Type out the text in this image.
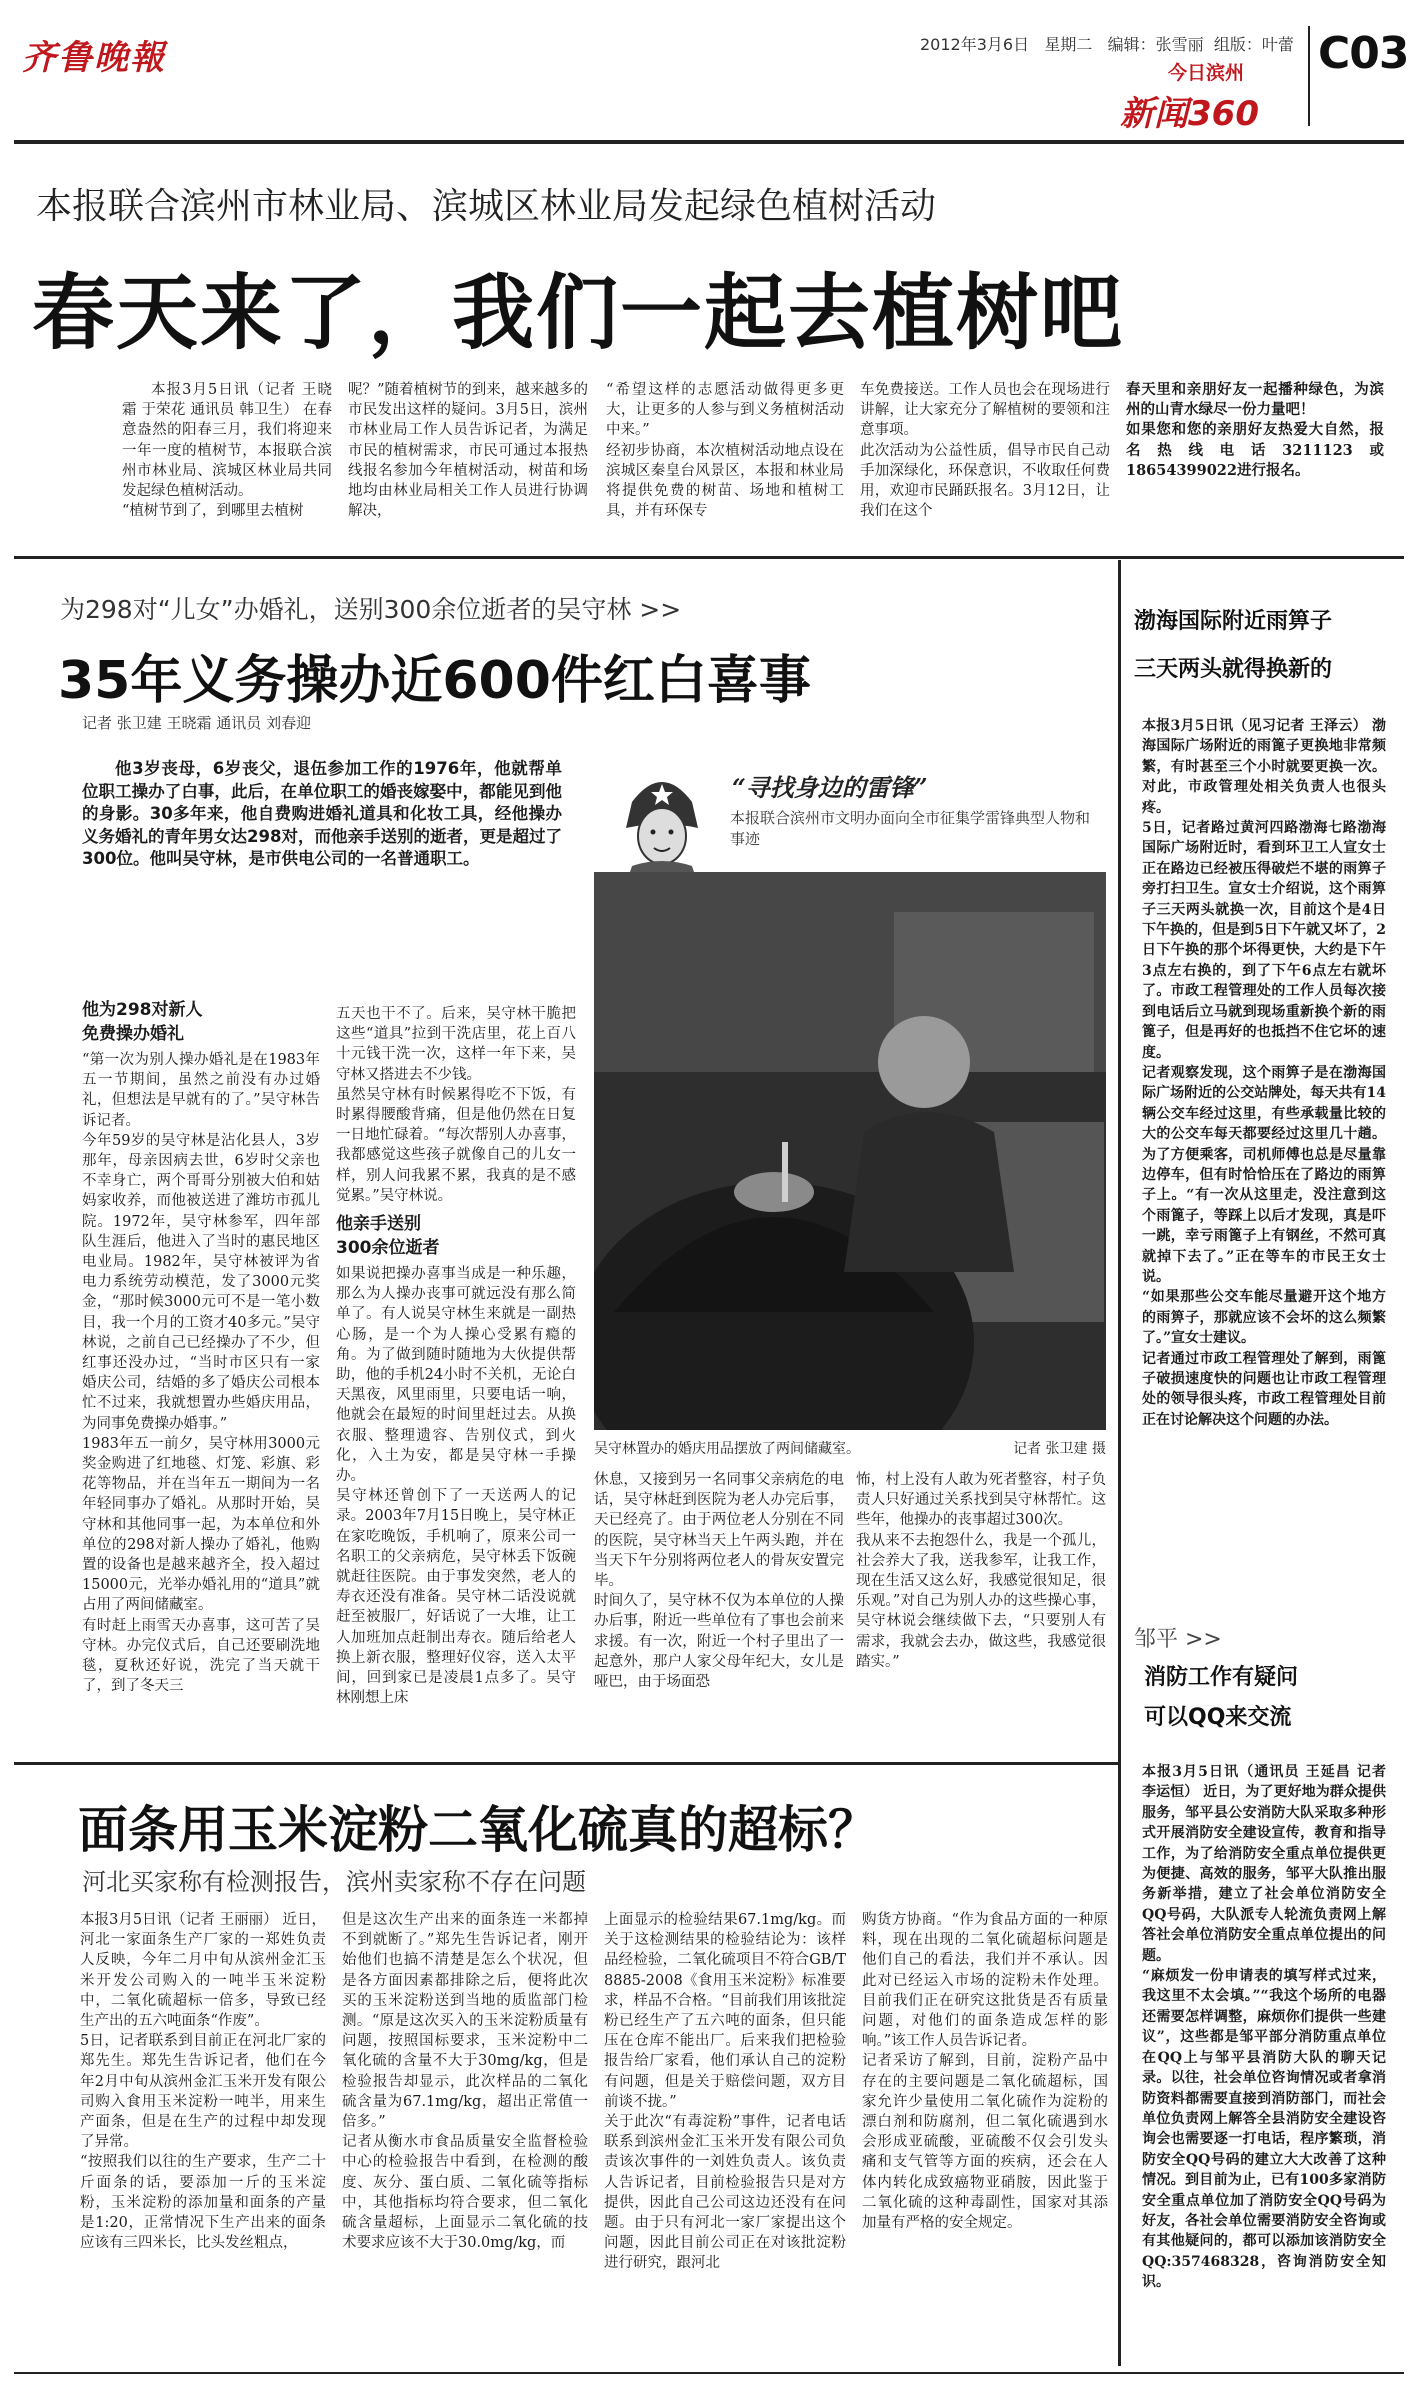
齐鲁晚報	2012年3月6日 星期二 编辑：张雪丽 组版：叶蕾
今日滨州
新闻360
C03
本报联合滨州市林业局、滨城区林业局发起绿色植树活动
春天来了，我们一起去植树吧
本报3月5日讯（记者 王晓霜 于荣花 通讯员 韩卫生） 在春意盎然的阳春三月，我们将迎来一年一度的植树节，本报联合滨州市林业局、滨城区林业局共同发起绿色植树活动。
“植树节到了，到哪里去植树
呢？”随着植树节的到来，越来越多的市民发出这样的疑问。3月5日，滨州市林业局工作人员告诉记者，为满足市民的植树需求，市民可通过本报热线报名参加今年植树活动，树苗和场地均由林业局相关工作人员进行协调解决，
“希望这样的志愿活动做得更多更大，让更多的人参与到义务植树活动中来。”
经初步协商，本次植树活动地点设在滨城区秦皇台风景区，本报和林业局将提供免费的树苗、场地和植树工具，并有环保专
车免费接送。工作人员也会在现场进行讲解，让大家充分了解植树的要领和注意事项。
此次活动为公益性质，倡导市民自己动手加深绿化，环保意识，不收取任何费用，欢迎市民踊跃报名。3月12日，让我们在这个
春天里和亲朋好友一起播种绿色，为滨州的山青水绿尽一份力量吧！
如果您和您的亲朋好友热爱大自然，报名热线电话3211123或18654399022进行报名。
为298对“儿女”办婚礼，送别300余位逝者的吴守林 >>
35年义务操办近600件红白喜事
记者 张卫建 王晓霜 通讯员 刘春迎

他3岁丧母，6岁丧父，退伍参加工作的1976年，他就帮单位职工操办了白事，此后，在单位职工的婚丧嫁娶中，都能见到他的身影。30多年来，他自费购进婚礼道具和化妆工具，经他操办义务婚礼的青年男女达298对，而他亲手送别的逝者，更是超过了300位。他叫吴守林，是市供电公司的一名普通职工。

“寻找身边的雷锋”
本报联合滨州市文明办面向全市征集学雷锋典型人物和事迹
吴守林置办的婚庆用品摆放了两间储藏室。	记者 张卫建 摄
他为298对新人
免费操办婚礼
“第一次为别人操办婚礼是在1983年五一节期间，虽然之前没有办过婚礼，但想法是早就有的了。”吴守林告诉记者。
今年59岁的吴守林是沾化县人，3岁那年，母亲因病去世，6岁时父亲也不幸身亡，两个哥哥分别被大伯和姑妈家收养，而他被送进了潍坊市孤儿院。1972年，吴守林参军，四年部队生涯后，他进入了当时的惠民地区电业局。1982年，吴守林被评为省电力系统劳动模范，发了3000元奖金，“那时候3000元可不是一笔小数目，我一个月的工资才40多元。”吴守林说，之前自己已经操办了不少，但红事还没办过，“当时市区只有一家婚庆公司，结婚的多了婚庆公司根本忙不过来，我就想置办些婚庆用品，为同事免费操办婚事。”
1983年五一前夕，吴守林用3000元奖金购进了红地毯、灯笼、彩旗、彩花等物品，并在当年五一期间为一名年轻同事办了婚礼。从那时开始，吴守林和其他同事一起，为本单位和外单位的298对新人操办了婚礼，他购置的设备也是越来越齐全，投入超过15000元，光举办婚礼用的“道具”就占用了两间储藏室。
有时赶上雨雪天办喜事，这可苦了吴守林。办完仪式后，自己还要刷洗地毯，夏秋还好说，洗完了当天就干了，到了冬天三
五天也干不了。后来，吴守林干脆把这些“道具”拉到干洗店里，花上百八十元钱干洗一次，这样一年下来，吴守林又搭进去不少钱。
虽然吴守林有时候累得吃不下饭，有时累得腰酸背痛，但是他仍然在日复一日地忙碌着。“每次帮别人办喜事，我都感觉这些孩子就像自己的儿女一样，别人问我累不累，我真的是不感觉累。”吴守林说。
他亲手送别
300余位逝者
如果说把操办喜事当成是一种乐趣，那么为人操办丧事可就远没有那么简单了。有人说吴守林生来就是一副热心肠，是一个为人操心受累有瘾的角。为了做到随时随地为大伙提供帮助，他的手机24小时不关机，无论白天黑夜，风里雨里，只要电话一响，他就会在最短的时间里赶过去。从换衣服、整理遗容、告别仪式，到火化，入土为安，都是吴守林一手操办。
吴守林还曾创下了一天送两人的记录。2003年7月15日晚上，吴守林正在家吃晚饭，手机响了，原来公司一名职工的父亲病危，吴守林丢下饭碗就赶往医院。由于事发突然，老人的寿衣还没有准备。吴守林二话没说就赶至被服厂，好话说了一大堆，让工人加班加点赶制出寿衣。随后给老人换上新衣服，整理好仪容，送入太平间，回到家已是凌晨1点多了。吴守林刚想上床
休息，又接到另一名同事父亲病危的电话，吴守林赶到医院为老人办完后事，天已经亮了。由于两位老人分别在不同的医院，吴守林当天上午两头跑，并在当天下午分别将两位老人的骨灰安置完毕。
时间久了，吴守林不仅为本单位的人操办后事，附近一些单位有了事也会前来求援。有一次，附近一个村子里出了一起意外，那户人家父母年纪大，女儿是哑巴，由于场面恐
怖，村上没有人敢为死者整容，村子负责人只好通过关系找到吴守林帮忙。这些年，他操办的丧事超过300次。
我从来不去抱怨什么，我是一个孤儿，社会养大了我，送我参军，让我工作，现在生活又这么好，我感觉很知足，很乐观。”对自己为别人办的这些操心事，吴守林说会继续做下去，“只要别人有需求，我就会去办，做这些，我感觉很踏实。”
渤海国际附近雨箅子
三天两头就得换新的
本报3月5日讯（见习记者 王泽云） 渤海国际广场附近的雨篦子更换地非常频繁，有时甚至三个小时就要更换一次。对此，市政管理处相关负责人也很头疼。
5日，记者路过黄河四路渤海七路渤海国际广场附近时，看到环卫工人宣女士正在路边已经被压得破烂不堪的雨箅子旁打扫卫生。宣女士介绍说，这个雨箅子三天两头就换一次，目前这个是4日下午换的，但是到5日下午就又坏了，2日下午换的那个坏得更快，大约是下午3点左右换的，到了下午6点左右就坏了。市政工程管理处的工作人员每次接到电话后立马就到现场重新换个新的雨篦子，但是再好的也抵挡不住它坏的速度。
记者观察发现，这个雨箅子是在渤海国际广场附近的公交站牌处，每天共有14辆公交车经过这里，有些承载量比较的大的公交车每天都要经过这里几十趟。为了方便乘客，司机师傅也总是尽量靠边停车，但有时恰恰压在了路边的雨箅子上。“有一次从这里走，没注意到这个雨篦子，等踩上以后才发现，真是吓一跳，幸亏雨篦子上有钢丝，不然可真就掉下去了。”正在等车的市民王女士说。
“如果那些公交车能尽量避开这个地方的雨箅子，那就应该不会坏的这么频繁了。”宣女士建议。
记者通过市政工程管理处了解到，雨篦子破损速度快的问题也让市政工程管理处的领导很头疼，市政工程管理处目前正在讨论解决这个问题的办法。
邹平 >>
消防工作有疑问
可以QQ来交流
本报3月5日讯（通讯员 王延昌 记者 李运恒） 近日，为了更好地为群众提供服务，邹平县公安消防大队采取多种形式开展消防安全建设宣传，教育和指导工作，为了给消防安全重点单位提供更为便捷、高效的服务，邹平大队推出服务新举措，建立了社会单位消防安全QQ号码，大队派专人轮流负责网上解答社会单位消防安全重点单位提出的问题。
“麻烦发一份申请表的填写样式过来，我这里不太会填。”“我这个场所的电器还需要怎样调整，麻烦你们提供一些建议”，这些都是邹平部分消防重点单位在QQ上与邹平县消防大队的聊天记录。以往，社会单位咨询情况或者拿消防资料都需要直接到消防部门，而社会单位负责网上解答全县消防安全建设咨询会也需要逐一打电话，程序繁琐，消防安全QQ号码的建立大大改善了这种情况。到目前为止，已有100多家消防安全重点单位加了消防安全QQ号码为好友，各社会单位需要消防安全咨询或有其他疑问的，都可以添加该消防安全QQ:357468328，咨询消防安全知识。
面条用玉米淀粉二氧化硫真的超标？
河北买家称有检测报告，滨州卖家称不存在问题
本报3月5日讯（记者 王丽丽） 近日，河北一家面条生产厂家的一郑姓负责人反映，今年二月中旬从滨州金汇玉米开发公司购入的一吨半玉米淀粉中，二氧化硫超标一倍多，导致已经生产出的五六吨面条“作废”。
5日，记者联系到目前正在河北厂家的郑先生。郑先生告诉记者，他们在今年2月中旬从滨州金汇玉米开发有限公司购入食用玉米淀粉一吨半，用来生产面条，但是在生产的过程中却发现了异常。
“按照我们以往的生产要求，生产二十斤面条的话，要添加一斤的玉米淀粉，玉米淀粉的添加量和面条的产量是1:20，正常情况下生产出来的面条应该有三四米长，比头发丝粗点，
但是这次生产出来的面条连一米都掉不到就断了。”郑先生告诉记者，刚开始他们也搞不清楚是怎么个状况，但是各方面因素都排除之后，便将此次买的玉米淀粉送到当地的质监部门检测。“原是这次买入的玉米淀粉质量有问题，按照国标要求，玉米淀粉中二氧化硫的含量不大于30mg/kg，但是检验报告却显示，此次样品的二氧化硫含量为67.1mg/kg，超出正常值一倍多。”
记者从衡水市食品质量安全监督检验中心的检验报告中看到，在检测的酸度、灰分、蛋白质、二氧化硫等指标中，其他指标均符合要求，但二氧化硫含量超标，上面显示二氧化硫的技术要求应该不大于30.0mg/kg，而
上面显示的检验结果67.1mg/kg。而关于这检测结果的检验结论为：该样品经检验，二氧化硫项目不符合GB/T 8885-2008《食用玉米淀粉》标准要求，样品不合格。“目前我们用该批淀粉已经生产了五六吨的面条，但只能压在仓库不能出厂。后来我们把检验报告给厂家看，他们承认自己的淀粉有问题，但是关于赔偿问题，双方目前谈不拢。”
关于此次“有毒淀粉”事件，记者电话联系到滨州金汇玉米开发有限公司负责该次事件的一刘姓负责人。该负责人告诉记者，目前检验报告只是对方提供，因此自己公司这边还没有在问题。由于只有河北一家厂家提出这个问题，因此目前公司正在对该批淀粉进行研究，跟河北
购货方协商。“作为食品方面的一种原料，现在出现的二氧化硫超标问题是他们自己的看法，我们并不承认。因此对已经运入市场的淀粉未作处理。目前我们正在研究这批货是否有质量问题，对他们的面条造成怎样的影响。”该工作人员告诉记者。
记者采访了解到，目前，淀粉产品中存在的主要问题是二氧化硫超标，国家允许少量使用二氧化硫作为淀粉的漂白剂和防腐剂，但二氧化硫遇到水会形成亚硫酸，亚硫酸不仅会引发头痛和支气管等方面的疾病，还会在人体内转化成致癌物亚硝胺，因此鉴于二氧化硫的这种毒副性，国家对其添加量有严格的安全规定。
